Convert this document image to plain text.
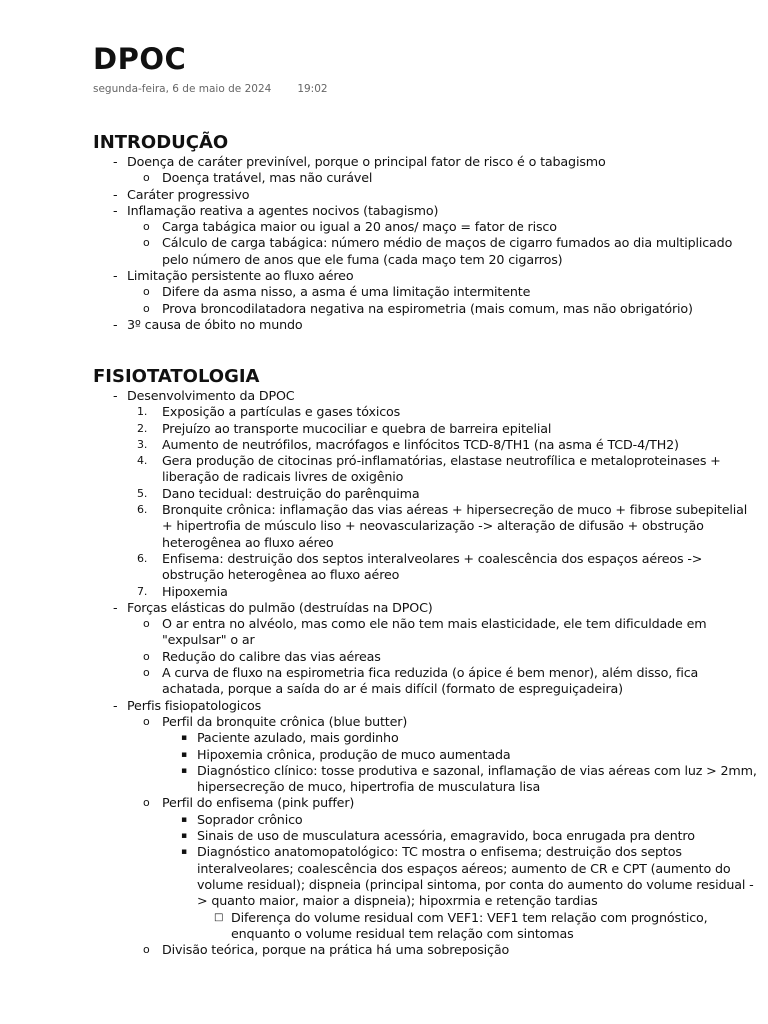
DPOC
segunda-feira, 6 de maio de 2024 19:02
INTRODUÇÃO
- Doença de caráter previnível, porque o principal fator de risco é o tabagismo
o Doença tratável, mas não curável
- Caráter progressivo
- Inflamação reativa a agentes nocivos (tabagismo)
o Carga tabágica maior ou igual a 20 anos/ maço = fator de risco
o Cálculo de carga tabágica: número médio de maços de cigarro fumados ao dia multiplicado pelo número de anos que ele fuma (cada maço tem 20 cigarros)
- Limitação persistente ao fluxo aéreo
o Difere da asma nisso, a asma é uma limitação intermitente
o Prova broncodilatadora negativa na espirometria (mais comum, mas não obrigatório)
- 3º causa de óbito no mundo
FISIOTATOLOGIA
- Desenvolvimento da DPOC
1. Exposição a partículas e gases tóxicos
2. Prejuízo ao transporte mucociliar e quebra de barreira epitelial
3. Aumento de neutrófilos, macrófagos e linfócitos TCD-8/TH1 (na asma é TCD-4/TH2)
4. Gera produção de citocinas pró-inflamatórias, elastase neutrofílica e metaloproteinases + liberação de radicais livres de oxigênio
5. Dano tecidual: destruição do parênquima
6. Bronquite crônica: inflamação das vias aéreas + hipersecreção de muco + fibrose subepitelial + hipertrofia de músculo liso + neovascularização -> alteração de difusão + obstrução heterogênea ao fluxo aéreo
6. Enfisema: destruição dos septos interalveolares + coalescência dos espaços aéreos -> obstrução heterogênea ao fluxo aéreo
7. Hipoxemia
- Forças elásticas do pulmão (destruídas na DPOC)
o O ar entra no alvéolo, mas como ele não tem mais elasticidade, ele tem dificuldade em "expulsar" o ar
o Redução do calibre das vias aéreas
o A curva de fluxo na espirometria fica reduzida (o ápice é bem menor), além disso, fica achatada, porque a saída do ar é mais difícil (formato de espreguiçadeira)
- Perfis fisiopatologicos
o Perfil da bronquite crônica (blue butter)
▪ Paciente azulado, mais gordinho
▪ Hipoxemia crônica, produção de muco aumentada
▪ Diagnóstico clínico: tosse produtiva e sazonal, inflamação de vias aéreas com luz > 2mm, hipersecreção de muco, hipertrofia de musculatura lisa
o Perfil do enfisema (pink puffer)
▪ Soprador crônico
▪ Sinais de uso de musculatura acessória, emagravido, boca enrugada pra dentro
▪ Diagnóstico anatomopatológico: TC mostra o enfisema; destruição dos septos interalveolares; coalescência dos espaços aéreos; aumento de CR e CPT (aumento do volume residual); dispneia (principal sintoma, por conta do aumento do volume residual -> quanto maior, maior a dispneia); hipoxrmia e retenção tardias
□ Diferença do volume residual com VEF1: VEF1 tem relação com prognóstico, enquanto o volume residual tem relação com sintomas
o Divisão teórica, porque na prática há uma sobreposição
